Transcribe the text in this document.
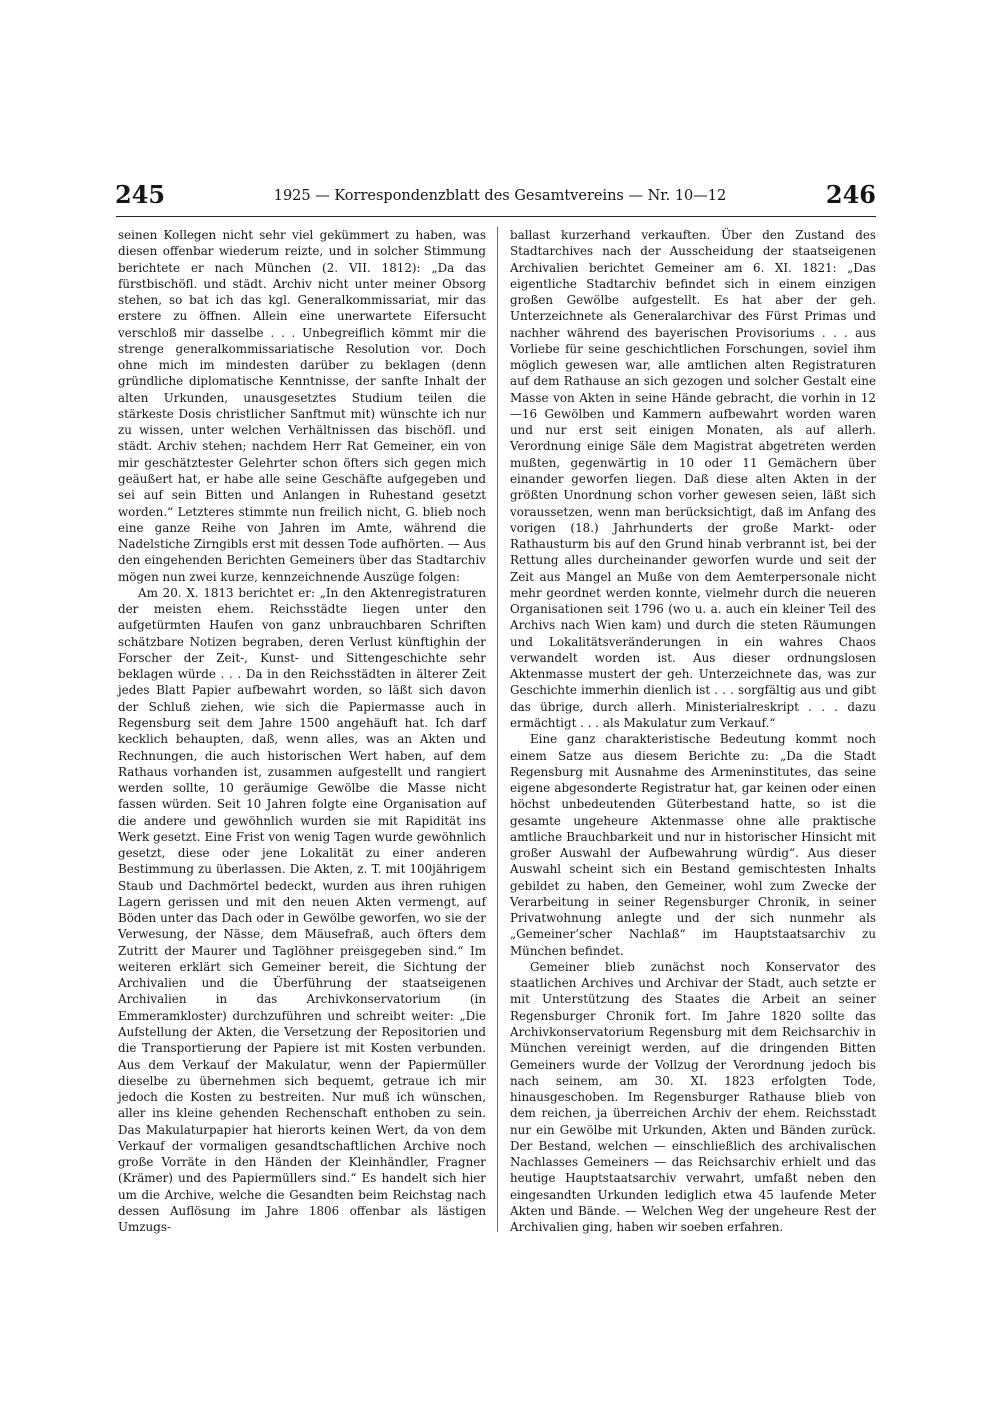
245	1925 — Korrespondenzblatt des Gesamtvereins — Nr. 10—12	246

seinen Kollegen nicht sehr viel gekümmert zu haben, was diesen offenbar wiederum reizte, und in solcher Stimmung berichtete er nach München (2. VII. 1812): „Da das fürstbischöfl. und städt. Archiv nicht unter meiner Obsorg stehen, so bat ich das kgl. Generalkommissariat, mir das erstere zu öffnen. Allein eine unerwartete Eifersucht verschloß mir dasselbe . . . Unbegreiflich kömmt mir die strenge generalkommissariatische Resolution vor. Doch ohne mich im mindesten darüber zu beklagen (denn gründliche diplomatische Kenntnisse, der sanfte Inhalt der alten Urkunden, unausgesetztes Studium teilen die stärkeste Dosis christlicher Sanftmut mit) wünschte ich nur zu wissen, unter welchen Verhältnissen das bischöfl. und städt. Archiv stehen; nachdem Herr Rat Gemeiner, ein von mir geschätztester Gelehrter schon öfters sich gegen mich geäußert hat, er habe alle seine Geschäfte aufgegeben und sei auf sein Bitten und Anlangen in Ruhestand gesetzt worden.“ Letzteres stimmte nun freilich nicht, G. blieb noch eine ganze Reihe von Jahren im Amte, während die Nadelstiche Zirngibls erst mit dessen Tode aufhörten. — Aus den eingehenden Berichten Gemeiners über das Stadtarchiv mögen nun zwei kurze, kennzeichnende Auszüge folgen:

Am 20. X. 1813 berichtet er: „In den Aktenregistraturen der meisten ehem. Reichsstädte liegen unter den aufgetürmten Haufen von ganz unbrauchbaren Schriften schätzbare Notizen begraben, deren Verlust künftighin der Forscher der Zeit-, Kunst- und Sittengeschichte sehr beklagen würde . . . Da in den Reichsstädten in älterer Zeit jedes Blatt Papier aufbewahrt worden, so läßt sich davon der Schluß ziehen, wie sich die Papiermasse auch in Regensburg seit dem Jahre 1500 angehäuft hat. Ich darf kecklich behaupten, daß, wenn alles, was an Akten und Rechnungen, die auch historischen Wert haben, auf dem Rathaus vorhanden ist, zusammen aufgestellt und rangiert werden sollte, 10 geräumige Gewölbe die Masse nicht fassen würden. Seit 10 Jahren folgte eine Organisation auf die andere und gewöhnlich wurden sie mit Rapidität ins Werk gesetzt. Eine Frist von wenig Tagen wurde gewöhnlich gesetzt, diese oder jene Lokalität zu einer anderen Bestimmung zu überlassen. Die Akten, z. T. mit 100jährigem Staub und Dachmörtel bedeckt, wurden aus ihren ruhigen Lagern gerissen und mit den neuen Akten vermengt, auf Böden unter das Dach oder in Gewölbe geworfen, wo sie der Verwesung, der Nässe, dem Mäusefraß, auch öfters dem Zutritt der Maurer und Taglöhner preisgegeben sind.“ Im weiteren erklärt sich Gemeiner bereit, die Sichtung der Archivalien und die Überführung der staatseigenen Archivalien in das Archivkonservatorium (in Emmeramkloster) durchzuführen und schreibt weiter: „Die Aufstellung der Akten, die Versetzung der Repositorien und die Transportierung der Papiere ist mit Kosten verbunden. Aus dem Verkauf der Makulatur, wenn der Papiermüller dieselbe zu übernehmen sich bequemt, getraue ich mir jedoch die Kosten zu bestreiten. Nur muß ich wünschen, aller ins kleine gehenden Rechenschaft enthoben zu sein. Das Makulaturpapier hat hierorts keinen Wert, da von dem Verkauf der vormaligen gesandtschaftlichen Archive noch große Vorräte in den Händen der Kleinhändler, Fragner (Krämer) und des Papiermüllers sind.“ Es handelt sich hier um die Archive, welche die Gesandten beim Reichstag nach dessen Auflösung im Jahre 1806 offenbar als lästigen Umzugs-

ballast kurzerhand verkauften. Über den Zustand des Stadtarchives nach der Ausscheidung der staatseigenen Archivalien berichtet Gemeiner am 6. XI. 1821: „Das eigentliche Stadtarchiv befindet sich in einem einzigen großen Gewölbe aufgestellt. Es hat aber der geh. Unterzeichnete als Generalarchivar des Fürst Primas und nachher während des bayerischen Provisoriums . . . aus Vorliebe für seine geschichtlichen Forschungen, soviel ihm möglich gewesen war, alle amtlichen alten Registraturen auf dem Rathause an sich gezogen und solcher Gestalt eine Masse von Akten in seine Hände gebracht, die vorhin in 12—16 Gewölben und Kammern aufbewahrt worden waren und nur erst seit einigen Monaten, als auf allerh. Verordnung einige Säle dem Magistrat abgetreten werden mußten, gegenwärtig in 10 oder 11 Gemächern über einander geworfen liegen. Daß diese alten Akten in der größten Unordnung schon vorher gewesen seien, läßt sich voraussetzen, wenn man berücksichtigt, daß im Anfang des vorigen (18.) Jahrhunderts der große Markt- oder Rathausturm bis auf den Grund hinab verbrannt ist, bei der Rettung alles durcheinander geworfen wurde und seit der Zeit aus Mangel an Muße von dem Aemterpersonale nicht mehr geordnet werden konnte, vielmehr durch die neueren Organisationen seit 1796 (wo u. a. auch ein kleiner Teil des Archivs nach Wien kam) und durch die steten Räumungen und Lokalitätsveränderungen in ein wahres Chaos verwandelt worden ist. Aus dieser ordnungslosen Aktenmasse mustert der geh. Unterzeichnete das, was zur Geschichte immerhin dienlich ist . . . sorgfältig aus und gibt das übrige, durch allerh. Ministerialreskript . . . dazu ermächtigt . . . als Makulatur zum Verkauf.“

Eine ganz charakteristische Bedeutung kommt noch einem Satze aus diesem Berichte zu: „Da die Stadt Regensburg mit Ausnahme des Armeninstitutes, das seine eigene abgesonderte Registratur hat, gar keinen oder einen höchst unbedeutenden Güterbestand hatte, so ist die gesamte ungeheure Aktenmasse ohne alle praktische amtliche Brauchbarkeit und nur in historischer Hinsicht mit großer Auswahl der Aufbewahrung würdig“. Aus dieser Auswahl scheint sich ein Bestand gemischtesten Inhalts gebildet zu haben, den Gemeiner, wohl zum Zwecke der Verarbeitung in seiner Regensburger Chronik, in seiner Privatwohnung anlegte und der sich nunmehr als „Gemeiner’scher Nachlaß“ im Hauptstaatsarchiv zu München befindet.

Gemeiner blieb zunächst noch Konservator des staatlichen Archives und Archivar der Stadt, auch setzte er mit Unterstützung des Staates die Arbeit an seiner Regensburger Chronik fort. Im Jahre 1820 sollte das Archivkonservatorium Regensburg mit dem Reichsarchiv in München vereinigt werden, auf die dringenden Bitten Gemeiners wurde der Vollzug der Verordnung jedoch bis nach seinem, am 30. XI. 1823 erfolgten Tode, hinausgeschoben. Im Regensburger Rathause blieb von dem reichen, ja überreichen Archiv der ehem. Reichsstadt nur ein Gewölbe mit Urkunden, Akten und Bänden zurück. Der Bestand, welchen — einschließlich des archivalischen Nachlasses Gemeiners — das Reichsarchiv erhielt und das heutige Hauptstaatsarchiv verwahrt, umfaßt neben den eingesandten Urkunden lediglich etwa 45 laufende Meter Akten und Bände. — Welchen Weg der ungeheure Rest der Archivalien ging, haben wir soeben erfahren.
